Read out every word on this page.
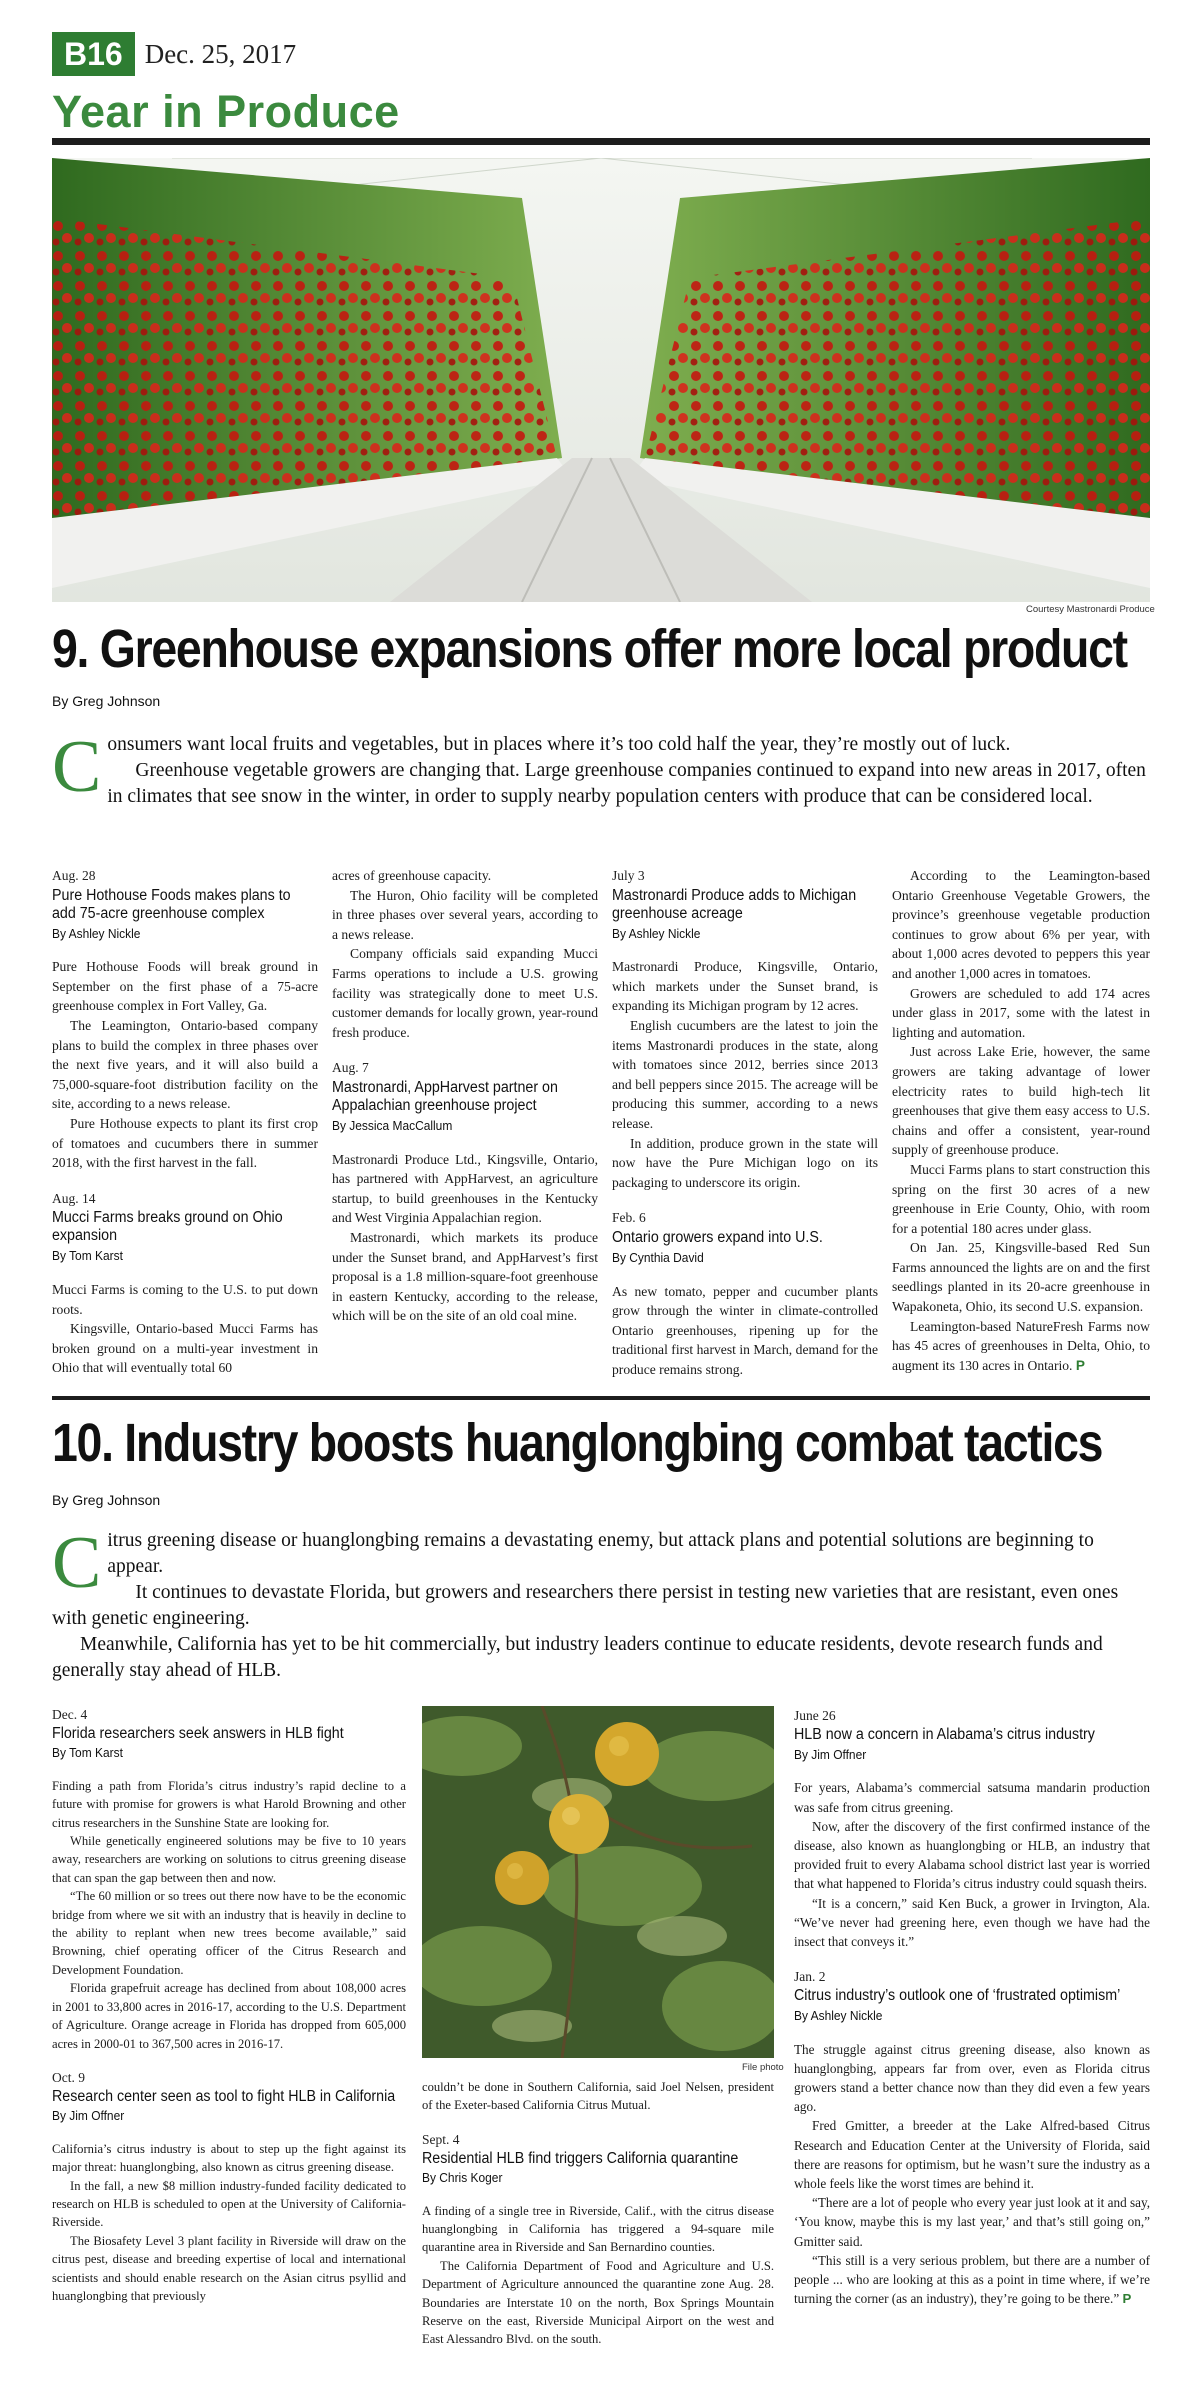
B16 Dec. 25, 2017
Year in Produce
Courtesy Mastronardi Produce
9. Greenhouse expansions offer more local product
By Greg Johnson

Consumers want local fruits and vegetables, but in places where it’s too cold half the year, they’re mostly out of luck.

Greenhouse vegetable growers are changing that. Large greenhouse companies continued to expand into new areas in 2017, often in climates that see snow in the winter, in order to supply nearby population centers with produce that can be considered local.

Aug. 28
Pure Hothouse Foods makes plans to add 75-acre greenhouse complex
By Ashley Nickle

Pure Hothouse Foods will break ground in September on the first phase of a 75-acre greenhouse complex in Fort Valley, Ga.

The Leamington, Ontario-based company plans to build the complex in three phases over the next five years, and it will also build a 75,000-square-foot distribution facility on the site, according to a news release.

Pure Hothouse expects to plant its first crop of tomatoes and cucumbers there in summer 2018, with the first harvest in the fall.

Aug. 14
Mucci Farms breaks ground on Ohio expansion
By Tom Karst

Mucci Farms is coming to the U.S. to put down roots.

Kingsville, Ontario-based Mucci Farms has broken ground on a multi-year investment in Ohio that will eventually total 60

acres of greenhouse capacity.

The Huron, Ohio facility will be completed in three phases over several years, according to a news release.

Company officials said expanding Mucci Farms operations to include a U.S. growing facility was strategically done to meet U.S. customer demands for locally grown, year-round fresh produce.

Aug. 7
Mastronardi, AppHarvest partner on Appalachian greenhouse project
By Jessica MacCallum

Mastronardi Produce Ltd., Kingsville, Ontario, has partnered with AppHarvest, an agriculture startup, to build greenhouses in the Kentucky and West Virginia Appalachian region.

Mastronardi, which markets its produce under the Sunset brand, and AppHarvest’s first proposal is a 1.8 million-square-foot greenhouse in eastern Kentucky, according to the release, which will be on the site of an old coal mine.

July 3
Mastronardi Produce adds to Michigan greenhouse acreage
By Ashley Nickle

Mastronardi Produce, Kingsville, Ontario, which markets under the Sunset brand, is expanding its Michigan program by 12 acres.

English cucumbers are the latest to join the items Mastronardi produces in the state, along with tomatoes since 2012, berries since 2013 and bell peppers since 2015. The acreage will be producing this summer, according to a news release.

In addition, produce grown in the state will now have the Pure Michigan logo on its packaging to underscore its origin.

Feb. 6
Ontario growers expand into U.S.
By Cynthia David

As new tomato, pepper and cucumber plants grow through the winter in climate-controlled Ontario greenhouses, ripening up for the traditional first harvest in March, demand for the produce remains strong.

According to the Leamington-based Ontario Greenhouse Vegetable Growers, the province’s greenhouse vegetable production continues to grow about 6% per year, with about 1,000 acres devoted to peppers this year and another 1,000 acres in tomatoes.

Growers are scheduled to add 174 acres under glass in 2017, some with the latest in lighting and automation.

Just across Lake Erie, however, the same growers are taking advantage of lower electricity rates to build high-tech lit greenhouses that give them easy access to U.S. chains and offer a consistent, year-round supply of greenhouse produce.

Mucci Farms plans to start construction this spring on the first 30 acres of a new greenhouse in Erie County, Ohio, with room for a potential 180 acres under glass.

On Jan. 25, Kingsville-based Red Sun Farms announced the lights are on and the first seedlings planted in its 20-acre greenhouse in Wapakoneta, Ohio, its second U.S. expansion.

Leamington-based NatureFresh Farms now has 45 acres of greenhouses in Delta, Ohio, to augment its 130 acres in Ontario. P

10. Industry boosts huanglongbing combat tactics
By Greg Johnson

Citrus greening disease or huanglongbing remains a devastating enemy, but attack plans and potential solutions are beginning to appear.

It continues to devastate Florida, but growers and researchers there persist in testing new varieties that are resistant, even ones with genetic engineering.

Meanwhile, California has yet to be hit commercially, but industry leaders continue to educate residents, devote research funds and generally stay ahead of HLB.

Dec. 4
Florida researchers seek answers in HLB fight
By Tom Karst

Finding a path from Florida’s citrus industry’s rapid decline to a future with promise for growers is what Harold Browning and other citrus researchers in the Sunshine State are looking for.

While genetically engineered solutions may be five to 10 years away, researchers are working on solutions to citrus greening disease that can span the gap between then and now.

“The 60 million or so trees out there now have to be the economic bridge from where we sit with an industry that is heavily in decline to the ability to replant when new trees become available,” said Browning, chief operating officer of the Citrus Research and Development Foundation.

Florida grapefruit acreage has declined from about 108,000 acres in 2001 to 33,800 acres in 2016-17, according to the U.S. Department of Agriculture. Orange acreage in Florida has dropped from 605,000 acres in 2000-01 to 367,500 acres in 2016-17.

Oct. 9
Research center seen as tool to fight HLB in California
By Jim Offner

California’s citrus industry is about to step up the fight against its major threat: huanglongbing, also known as citrus greening disease.

In the fall, a new $8 million industry-funded facility dedicated to research on HLB is scheduled to open at the University of California-Riverside.

The Biosafety Level 3 plant facility in Riverside will draw on the citrus pest, disease and breeding expertise of local and international scientists and should enable research on the Asian citrus psyllid and huanglongbing that previously

File photo

couldn’t be done in Southern California, said Joel Nelsen, president of the Exeter-based California Citrus Mutual.

Sept. 4
Residential HLB find triggers California quarantine
By Chris Koger

A finding of a single tree in Riverside, Calif., with the citrus disease huanglongbing in California has triggered a 94-square mile quarantine area in Riverside and San Bernardino counties.

The California Department of Food and Agriculture and U.S. Department of Agriculture announced the quarantine zone Aug. 28. Boundaries are Interstate 10 on the north, Box Springs Mountain Reserve on the east, Riverside Municipal Airport on the west and East Alessandro Blvd. on the south.

June 26
HLB now a concern in Alabama’s citrus industry
By Jim Offner

For years, Alabama’s commercial satsuma mandarin production was safe from citrus greening.

Now, after the discovery of the first confirmed instance of the disease, also known as huanglongbing or HLB, an industry that provided fruit to every Alabama school district last year is worried that what happened to Florida’s citrus industry could squash theirs.

“It is a concern,” said Ken Buck, a grower in Irvington, Ala. “We’ve never had greening here, even though we have had the insect that conveys it.”

Jan. 2
Citrus industry’s outlook one of ‘frustrated optimism’
By Ashley Nickle

The struggle against citrus greening disease, also known as huanglongbing, appears far from over, even as Florida citrus growers stand a better chance now than they did even a few years ago.

Fred Gmitter, a breeder at the Lake Alfred-based Citrus Research and Education Center at the University of Florida, said there are reasons for optimism, but he wasn’t sure the industry as a whole feels like the worst times are behind it.

“There are a lot of people who every year just look at it and say, ‘You know, maybe this is my last year,’ and that’s still going on,” Gmitter said.

“This still is a very serious problem, but there are a number of people ... who are looking at this as a point in time where, if we’re turning the corner (as an industry), they’re going to be there.” P
